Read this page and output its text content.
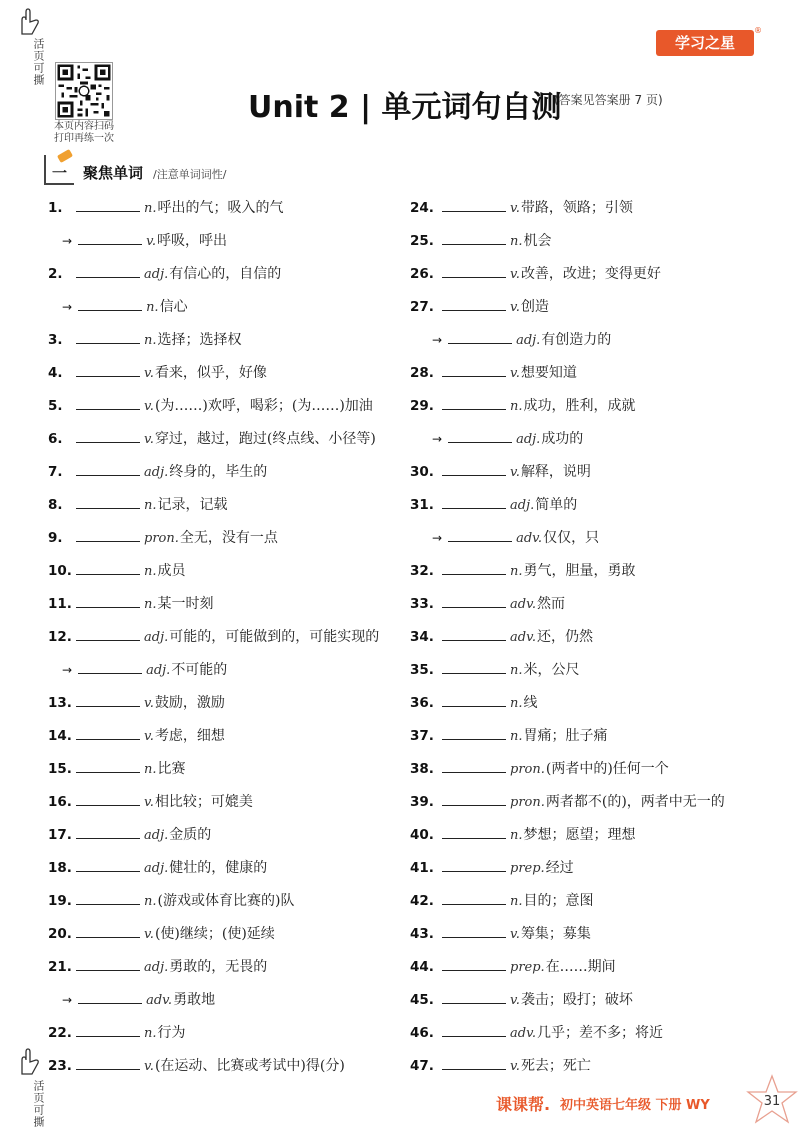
活页可撕
活页可撕
本页内容扫码
打印再练一次
学习之星
®
Unit 2 | 单元词句自测
(答案见答案册 7 页)
一 聚焦单词 /注意单词词性/
1.	n. 呼出的气；吸入的气
→	v. 呼吸，呼出
2.	adj. 有信心的，自信的
→	n. 信心
3.	n. 选择；选择权
4.	v. 看来，似乎，好像
5.	v. (为……)欢呼，喝彩；(为……)加油
6.	v. 穿过，越过，跑过(终点线、小径等)
7.	adj. 终身的，毕生的
8.	n. 记录，记载
9.	pron. 全无，没有一点
10.	n. 成员
11.	n. 某一时刻
12.	adj. 可能的，可能做到的，可能实现的
→	adj. 不可能的
13.	v. 鼓励，激励
14.	v. 考虑，细想
15.	n. 比赛
16.	v. 相比较；可媲美
17.	adj. 金质的
18.	adj. 健壮的，健康的
19.	n. (游戏或体育比赛的)队
20.	v. (使)继续；(使)延续
21.	adj. 勇敢的，无畏的
→	adv. 勇敢地
22.	n. 行为
23.	v. (在运动、比赛或考试中)得(分)
24.	v. 带路，领路；引领
25.	n. 机会
26.	v. 改善，改进；变得更好
27.	v. 创造
→	adj. 有创造力的
28.	v. 想要知道
29.	n. 成功，胜利，成就
→	adj. 成功的
30.	v. 解释，说明
31.	adj. 简单的
→	adv. 仅仅，只
32.	n. 勇气，胆量，勇敢
33.	adv. 然而
34.	adv. 还，仍然
35.	n. 米，公尺
36.	n. 线
37.	n. 胃痛；肚子痛
38.	pron. (两者中的)任何一个
39.	pron. 两者都不(的)，两者中无一的
40.	n. 梦想；愿望；理想
41.	prep. 经过
42.	n. 目的；意图
43.	v. 筹集；募集
44.	prep. 在……期间
45.	v. 袭击；殴打；破坏
46.	adv. 几乎；差不多；将近
47.	v. 死去；死亡
课课帮. 初中英语七年级 下册 WY	31
